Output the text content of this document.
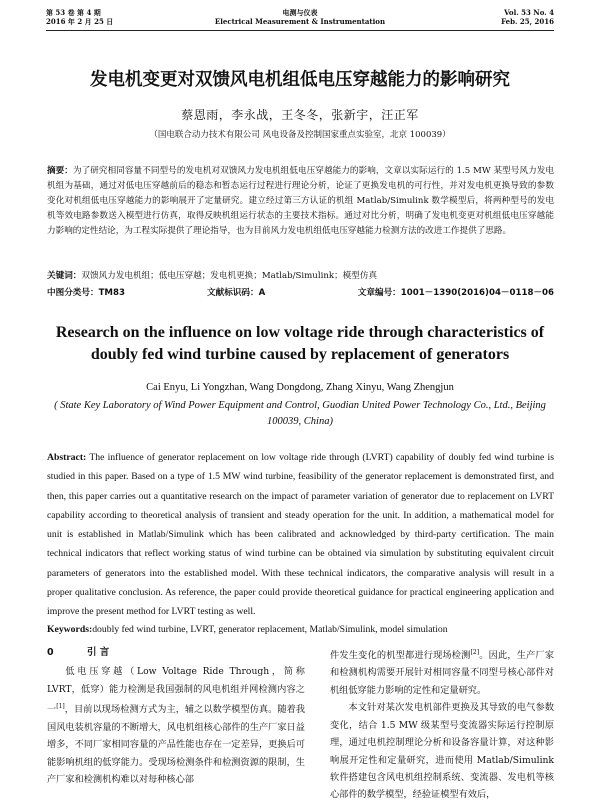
第 53 卷 第 4 期
2016 年 2 月 25 日
电测与仪表
Electrical Measurement & Instrumentation
Vol. 53 No. 4
Feb. 25, 2016
发电机变更对双馈风电机组低电压穿越能力的影响研究
蔡恩雨，李永战，王冬冬，张新宇，汪正军
（国电联合动力技术有限公司 风电设备及控制国家重点实验室，北京 100039）
摘要：为了研究相同容量不同型号的发电机对双馈风力发电机组低电压穿越能力的影响，文章以实际运行的 1.5 MW 某型号风力发电机组为基础，通过对低电压穿越前后的稳态和暂态运行过程进行理论分析，论证了更换发电机的可行性，并对发电机更换导致的参数变化对机组低电压穿越能力的影响展开了定量研究。建立经过第三方认证的机组 Matlab/Simulink 数学模型后，将两种型号的发电机等效电路参数送入模型进行仿真，取得反映机组运行状态的主要技术指标。通过对比分析，明确了发电机变更对机组低电压穿越能力影响的定性结论，为工程实际提供了理论指导，也为目前风力发电机组低电压穿越能力检测方法的改进工作提供了思路。
关键词：双馈风力发电机组；低电压穿越；发电机更换；Matlab/Simulink；模型仿真
中图分类号：TM83	文献标识码：A	文章编号：1001－1390(2016)04－0118－06
Research on the influence on low voltage ride through characteristics of doubly fed wind turbine caused by replacement of generators
Cai Enyu, Li Yongzhan, Wang Dongdong, Zhang Xinyu, Wang Zhengjun
( State Key Laboratory of Wind Power Equipment and Control, Guodian United Power Technology Co., Ltd., Beijing 100039, China)
Abstract: The influence of generator replacement on low voltage ride through (LVRT) capability of doubly fed wind turbine is studied in this paper. Based on a type of 1.5 MW wind turbine, feasibility of the generator replacement is demonstrated first, and then, this paper carries out a quantitative research on the impact of parameter variation of generator due to replacement on LVRT capability according to theoretical analysis of transient and steady operation for the unit. In addition, a mathematical model for unit is established in Matlab/Simulink which has been calibrated and acknowledged by third-party certification. The main technical indicators that reflect working status of wind turbine can be obtained via simulation by substituting equivalent circuit parameters of generators into the established model. With these technical indicators, the comparative analysis will result in a proper qualitative conclusion. As reference, the paper could provide theoretical guidance for practical engineering application and improve the present method for LVRT testing as well.
Keywords:doubly fed wind turbine, LVRT, generator replacement, Matlab/Simulink, model simulation
0	引 言

低电压穿越（Low Voltage Ride Through，简称 LVRT，低穿）能力检测是我国强制的风电机组并网检测内容之一[1]，目前以现场检测方式为主，辅之以数学模型仿真。随着我国风电装机容量的不断增大，风电机组核心部件的生产厂家日益增多，不同厂家相同容量的产品性能也存在一定差异，更换后可能影响机组的低穿能力。受现场检测条件和检测资源的限制，生产厂家和检测机构难以对每种核心部

件发生变化的机型都进行现场检测[2]。因此，生产厂家和检测机构需要开展针对相同容量不同型号核心部件对机组低穿能力影响的定性和定量研究。

本文针对某次发电机部件更换及其导致的电气参数变化，结合 1.5 MW 级某型号变流器实际运行控制原理，通过电机控制理论分析和设备容量计算，对这种影响展开定性和定量研究，进而使用 Matlab/Simulink 软件搭建包含风电机组控制系统、变流器、发电机等核心部件的数学模型，经验证模型有效后，
